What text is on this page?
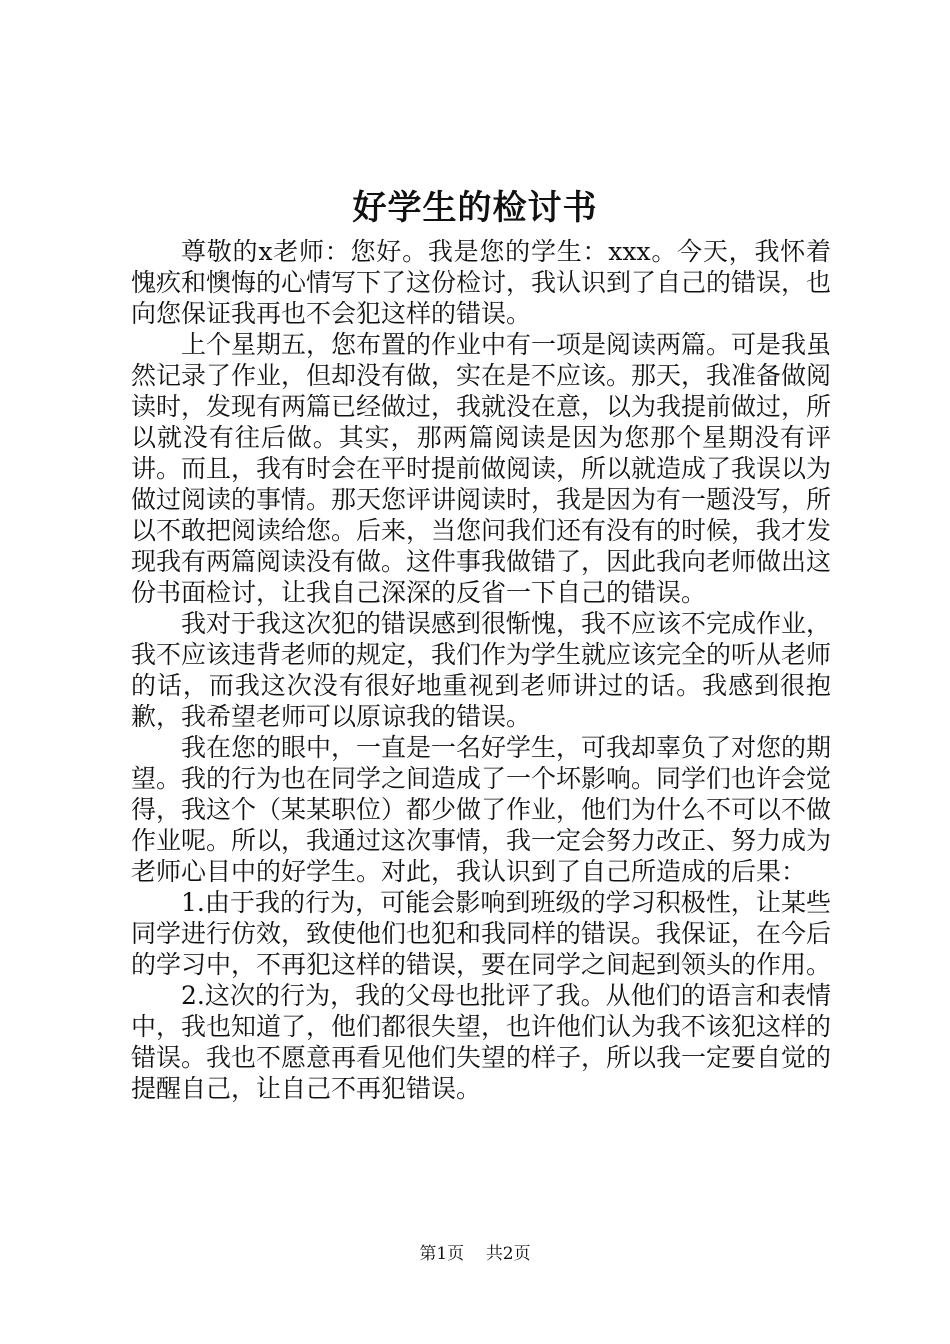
好学生的检讨书

尊敬的x老师：您好。我是您的学生：xxx。今天，我怀着愧疚和懊悔的心情写下了这份检讨，我认识到了自己的错误，也向您保证我再也不会犯这样的错误。

上个星期五，您布置的作业中有一项是阅读两篇。可是我虽然记录了作业，但却没有做，实在是不应该。那天，我准备做阅读时，发现有两篇已经做过，我就没在意，以为我提前做过，所以就没有往后做。其实，那两篇阅读是因为您那个星期没有评讲。而且，我有时会在平时提前做阅读，所以就造成了我误以为做过阅读的事情。那天您评讲阅读时，我是因为有一题没写，所以不敢把阅读给您。后来，当您问我们还有没有的时候，我才发现我有两篇阅读没有做。这件事我做错了，因此我向老师做出这份书面检讨，让我自己深深的反省一下自己的错误。

我对于我这次犯的错误感到很惭愧，我不应该不完成作业，我不应该违背老师的规定，我们作为学生就应该完全的听从老师的话，而我这次没有很好地重视到老师讲过的话。我感到很抱歉，我希望老师可以原谅我的错误。

我在您的眼中，一直是一名好学生，可我却辜负了对您的期望。我的行为也在同学之间造成了一个坏影响。同学们也许会觉得，我这个（某某职位）都少做了作业，他们为什么不可以不做作业呢。所以，我通过这次事情，我一定会努力改正、努力成为老师心目中的好学生。对此，我认识到了自己所造成的后果：

1.由于我的行为，可能会影响到班级的学习积极性，让某些同学进行仿效，致使他们也犯和我同样的错误。我保证，在今后的学习中，不再犯这样的错误，要在同学之间起到领头的作用。

2.这次的行为，我的父母也批评了我。从他们的语言和表情中，我也知道了，他们都很失望，也许他们认为我不该犯这样的错误。我也不愿意再看见他们失望的样子，所以我一定要自觉的提醒自己，让自己不再犯错误。

第1页 共2页
